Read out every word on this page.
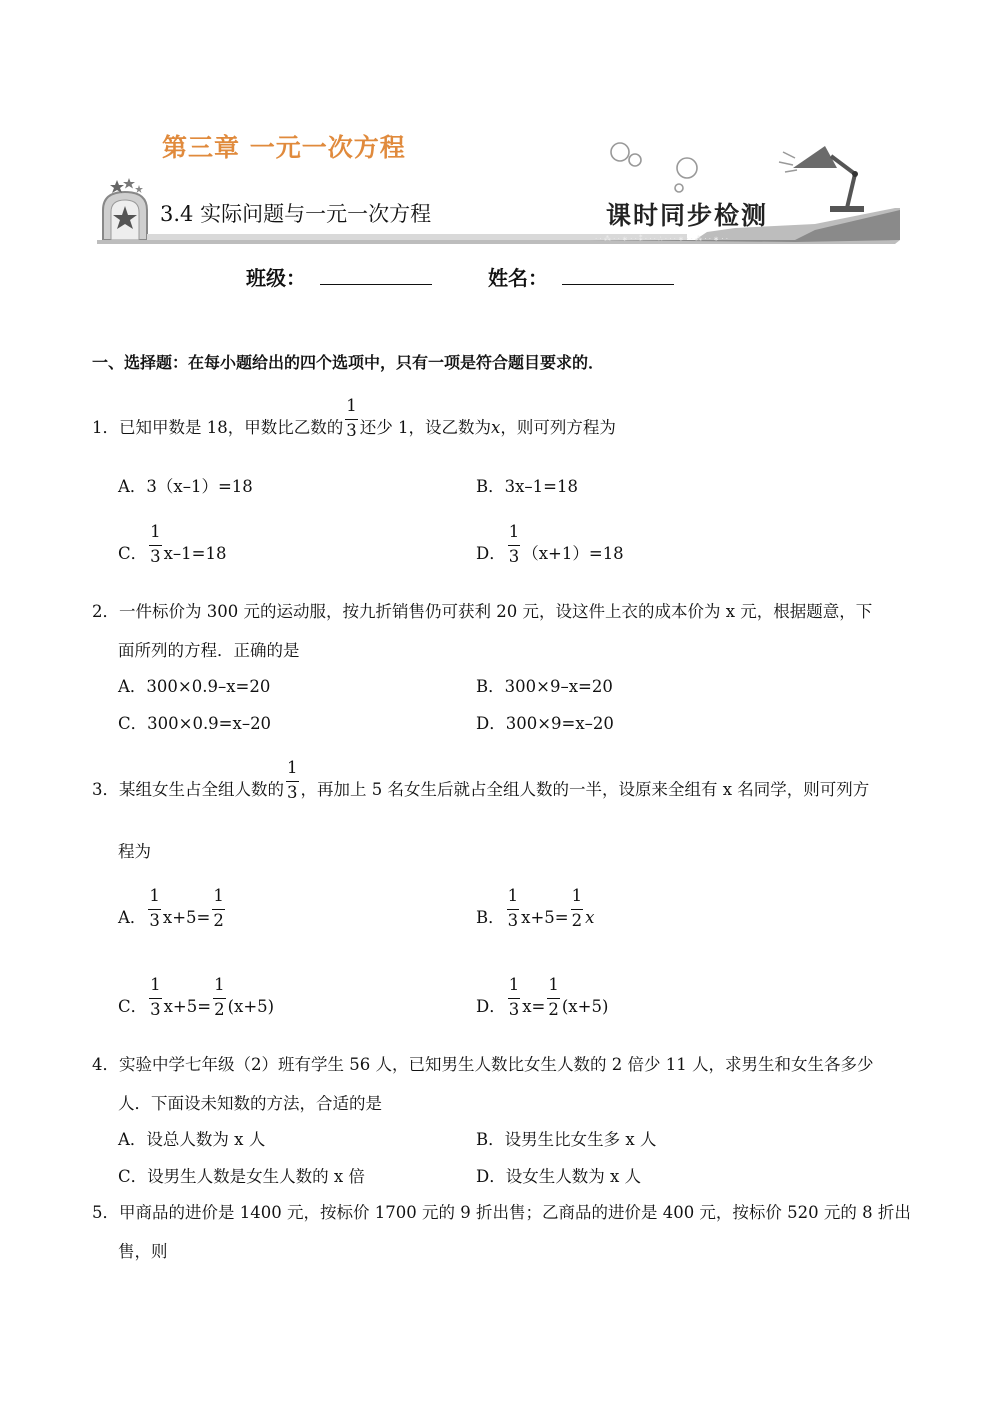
· · ⁂ · · ∗ · · ⁑ · · · ∴ · · · ∗ · · ⁂ · · ∗ · ·
第三章 一元一次方程
3.4 实际问题与一元一次方程	课时同步检测
班级：	姓名：
一、选择题：在每小题给出的四个选项中，只有一项是符合题目要求的．
1．已知甲数是 18，甲数比乙数的 $\frac{1}{3}$ 还少 1，设乙数为x，则可列方程为
A．3（x–1）=18	B．3x–1=18
C． $\frac{1}{3} x-1=18$	D． $\frac{1}{3} (x+1)=18$
2．一件标价为 300 元的运动服，按九折销售仍可获利 20 元，设这件上衣的成本价为 x 元，根据题意，下
面所列的方程．正确的是
A．300×0.9–x=20	B．300×9–x=20
C．300×0.9=x–20	D．300×9=x–20
3．某组女生占全组人数的 $\frac{1}{3}$ ，再加上 5 名女生后就占全组人数的一半，设原来全组有 x 名同学，则可列方
程为
A． $\frac{1}{3} x+5= \frac{1}{2}$	B． $\frac{1}{3} x+5= \frac{1}{2}$ x
C． $\frac{1}{3} x+5= \frac{1}{2} (x+5)$	D． $\frac{1}{3} x= \frac{1}{2} (x+5)$
4．实验中学七年级（2）班有学生 56 人，已知男生人数比女生人数的 2 倍少 11 人，求男生和女生各多少
人．下面设未知数的方法，合适的是
A．设总人数为 x 人	B．设男生比女生多 x 人
C．设男生人数是女生人数的 x 倍	D．设女生人数为 x 人
5．甲商品的进价是 1400 元，按标价 1700 元的 9 折出售；乙商品的进价是 400 元，按标价 520 元的 8 折出
售，则
